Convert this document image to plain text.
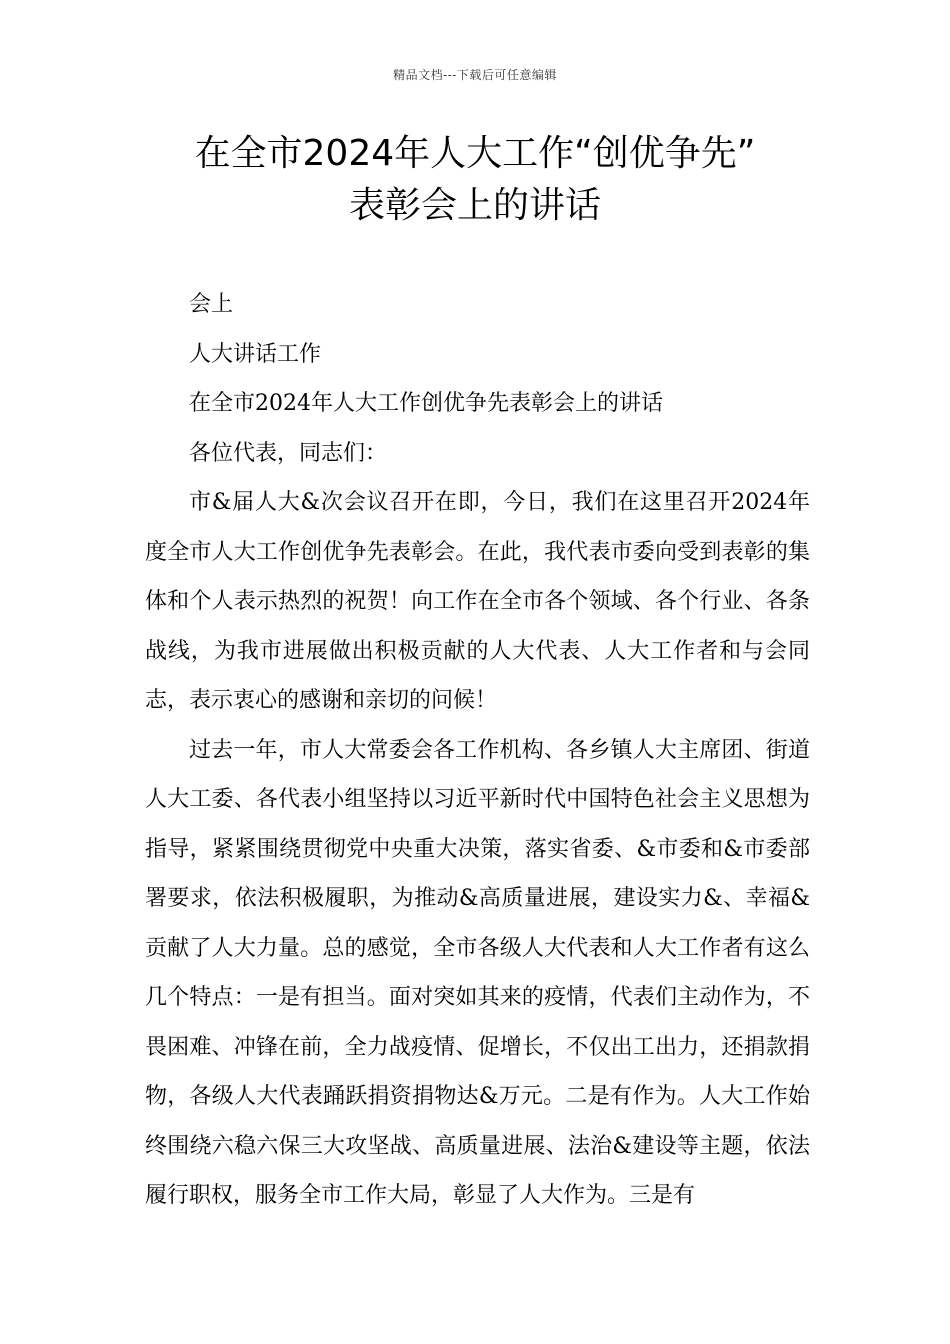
精品文档---下载后可任意编辑
在全市2024年人大工作“创优争先”
表彰会上的讲话

会上

人大讲话工作

在全市2024年人大工作创优争先表彰会上的讲话

各位代表，同志们：

市&届人大&次会议召开在即，今日，我们在这里召开2024年度全市人大工作创优争先表彰会。在此，我代表市委向受到表彰的集体和个人表示热烈的祝贺！向工作在全市各个领域、各个行业、各条战线，为我市进展做出积极贡献的人大代表、人大工作者和与会同志，表示衷心的感谢和亲切的问候！

过去一年，市人大常委会各工作机构、各乡镇人大主席团、街道人大工委、各代表小组坚持以习近平新时代中国特色社会主义思想为指导，紧紧围绕贯彻党中央重大决策，落实省委、&市委和&市委部署要求，依法积极履职，为推动&高质量进展，建设实力&、幸福&贡献了人大力量。总的感觉，全市各级人大代表和人大工作者有这么几个特点：一是有担当。面对突如其来的疫情，代表们主动作为，不畏困难、冲锋在前，全力战疫情、促增长，不仅出工出力，还捐款捐物，各级人大代表踊跃捐资捐物达&万元。二是有作为。人大工作始终围绕六稳六保三大攻坚战、高质量进展、法治&建设等主题，依法履行职权，服务全市工作大局，彰显了人大作为。三是有
